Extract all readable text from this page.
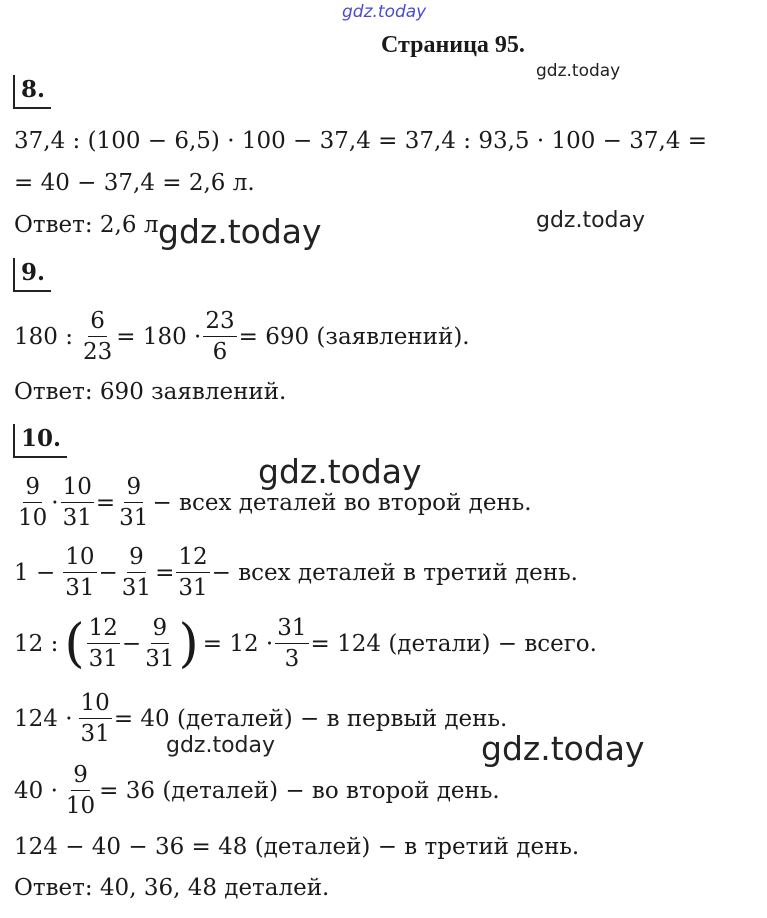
gdz.today
Страница 95.
gdz.today
8.
37,4 : (100 − 6,5) · 100 − 37,4 = 37,4 : 93,5 · 100 − 37,4 =
= 40 − 37,4 = 2,6 л.
Ответ: 2,6 л.
gdz.today	gdz.today
9.
180 : $\frac{6}{23} = 180 \cdot \frac{23}{6} = 690$ (заявлений).
Ответ: 690 заявлений.
10.
gdz.today
$\frac{9}{10} \cdot \frac{10}{31} = \frac{9}{31}$ − всех деталей во второй день.
$1 - \frac{10}{31} - \frac{9}{31} = \frac{12}{31}$ − всех деталей в третий день.
12 : ( $\frac{12}{31} - \frac{9}{31}$ ) = $12 \cdot \frac{31}{3} = 124$ (детали) − всего.
$124 \cdot \frac{10}{31} = 40$ (деталей) − в первый день.
gdz.today	gdz.today
$40 \cdot \frac{9}{10} = 36$ (деталей) − во второй день.
124 − 40 − 36 = 48 (деталей) − в третий день.
Ответ: 40, 36, 48 деталей.
